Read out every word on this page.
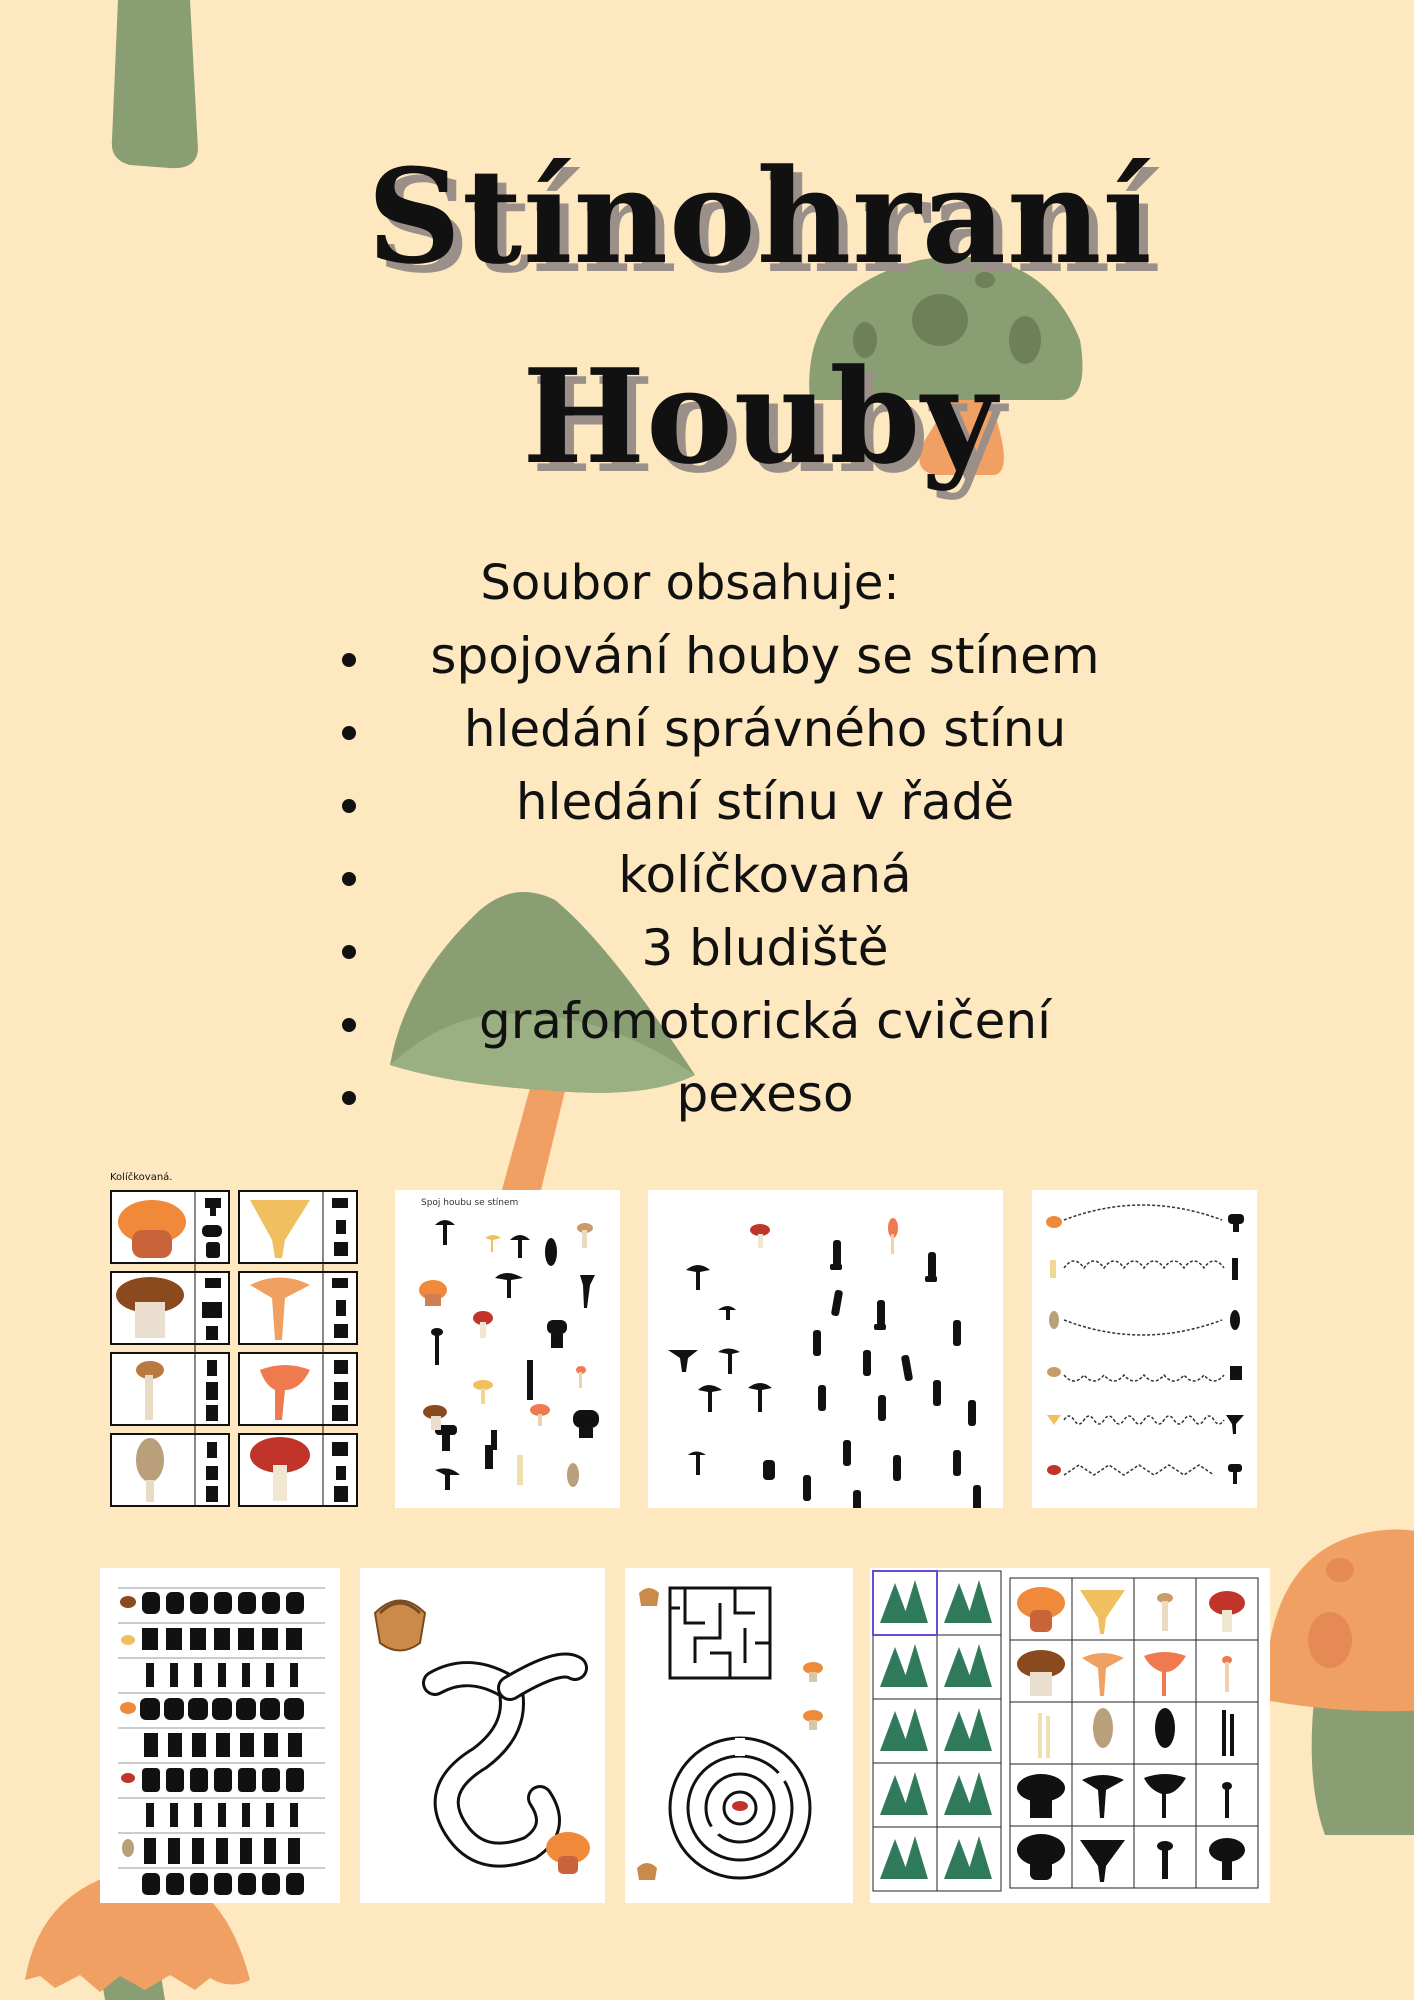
Stínohraní
Houby
Soubor obsahuje:
spojování houby se stínem
hledání správného stínu
hledání stínu v řadě
kolíčkovaná
3 bludiště
grafomotorická cvičení
pexeso
Kolíčkovaná.
Spoj houbu se stínem
